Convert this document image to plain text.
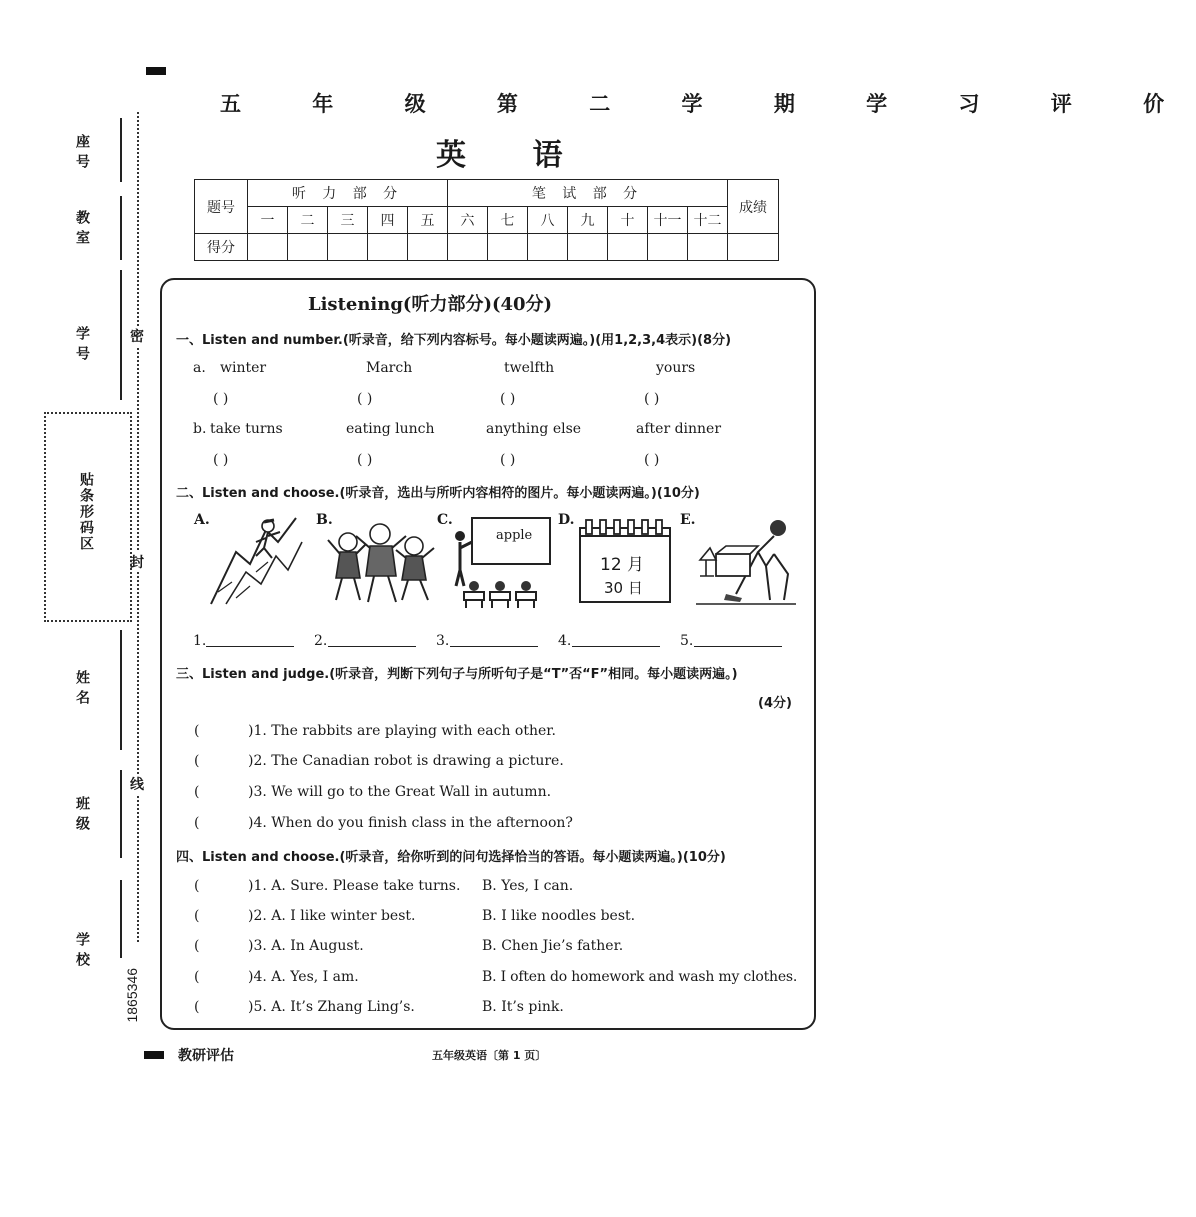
座号
教室
学号
姓名
班级
学校
密
封
线
贴条形码区
1865346
五 年 级 第 二 学 期 学 习 评 价
英 语
题号	听 力 部 分					笔 试 部 分							成绩
	一	二	三	四	五	六	七	八	九	十	十一	十二	
得分													
Listening(听力部分)(40分)
一、Listen and number.(听录音，给下列内容标号。每小题读两遍。)(用1,2,3,4表示)(8分)
a. winter	March	twelfth	yours
( )	( )	( )	( )
b. take turns	eating lunch	anything else	after dinner
( )	( )	( )	( )
二、Listen and choose.(听录音，选出与所听内容相符的图片。每小题读两遍。)(10分)
A.	B.	C.	D.	E.
apple
12 月
30 日
1.	2.	3.	4.	5.
三、Listen and judge.(听录音，判断下列句子与所听句子是“T”否“F”相同。每小题读两遍。)
(4分)
(	)1. The rabbits are playing with each other.
(	)2. The Canadian robot is drawing a picture.
(	)3. We will go to the Great Wall in autumn.
(	)4. When do you finish class in the afternoon?
四、Listen and choose.(听录音，给你听到的问句选择恰当的答语。每小题读两遍。)(10分)
(	)1. A. Sure. Please take turns. B. Yes, I can.
(	)2. A. I like winter best.	B. I like noodles best.
(	)3. A. In August.	B. Chen Jie’s father.
(	)4. A. Yes, I am.	B. I often do homework and wash my clothes.
(	)5. A. It’s Zhang Ling’s.	B. It’s pink.
教研评估	五年级英语〔第 1 页〕
